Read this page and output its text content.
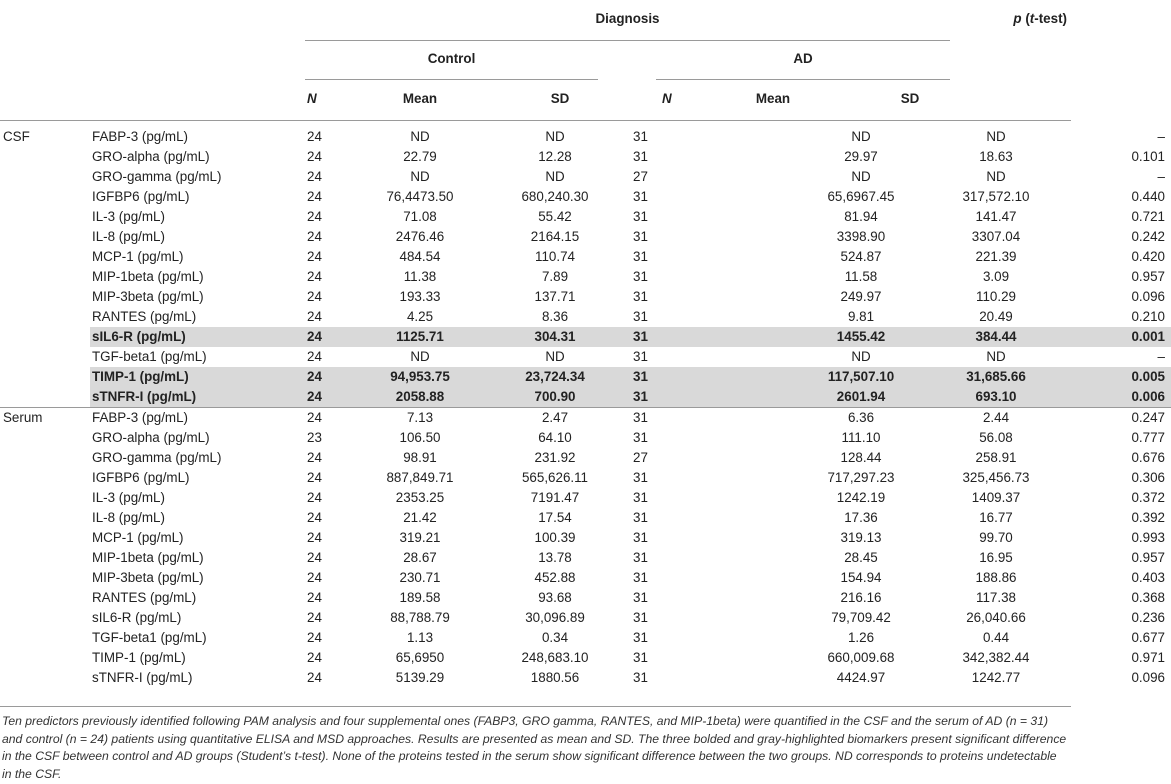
Diagnosis	p (t-test)
Control	AD
N	Mean	SD	N	Mean	SD
CSF	FABP-3 (pg/mL)	24	ND	ND	31	ND	ND	–
	GRO-alpha (pg/mL)	24	22.79	12.28	31	29.97	18.63	0.101
	GRO-gamma (pg/mL)	24	ND	ND	27	ND	ND	–
	IGFBP6 (pg/mL)	24	76,4473.50	680,240.30	31	65,6967.45	317,572.10	0.440
	IL-3 (pg/mL)	24	71.08	55.42	31	81.94	141.47	0.721
	IL-8 (pg/mL)	24	2476.46	2164.15	31	3398.90	3307.04	0.242
	MCP-1 (pg/mL)	24	484.54	110.74	31	524.87	221.39	0.420
	MIP-1beta (pg/mL)	24	11.38	7.89	31	11.58	3.09	0.957
	MIP-3beta (pg/mL)	24	193.33	137.71	31	249.97	110.29	0.096
	RANTES (pg/mL)	24	4.25	8.36	31	9.81	20.49	0.210
	sIL6-R (pg/mL)	24	1125.71	304.31	31	1455.42	384.44	0.001
	TGF-beta1 (pg/mL)	24	ND	ND	31	ND	ND	–
	TIMP-1 (pg/mL)	24	94,953.75	23,724.34	31	117,507.10	31,685.66	0.005
	sTNFR-I (pg/mL)	24	2058.88	700.90	31	2601.94	693.10	0.006
Serum	FABP-3 (pg/mL)	24	7.13	2.47	31	6.36	2.44	0.247
	GRO-alpha (pg/mL)	23	106.50	64.10	31	111.10	56.08	0.777
	GRO-gamma (pg/mL)	24	98.91	231.92	27	128.44	258.91	0.676
	IGFBP6 (pg/mL)	24	887,849.71	565,626.11	31	717,297.23	325,456.73	0.306
	IL-3 (pg/mL)	24	2353.25	7191.47	31	1242.19	1409.37	0.372
	IL-8 (pg/mL)	24	21.42	17.54	31	17.36	16.77	0.392
	MCP-1 (pg/mL)	24	319.21	100.39	31	319.13	99.70	0.993
	MIP-1beta (pg/mL)	24	28.67	13.78	31	28.45	16.95	0.957
	MIP-3beta (pg/mL)	24	230.71	452.88	31	154.94	188.86	0.403
	RANTES (pg/mL)	24	189.58	93.68	31	216.16	117.38	0.368
	sIL6-R (pg/mL)	24	88,788.79	30,096.89	31	79,709.42	26,040.66	0.236
	TGF-beta1 (pg/mL)	24	1.13	0.34	31	1.26	0.44	0.677
	TIMP-1 (pg/mL)	24	65,6950	248,683.10	31	660,009.68	342,382.44	0.971
	sTNFR-I (pg/mL)	24	5139.29	1880.56	31	4424.97	1242.77	0.096
Ten predictors previously identified following PAM analysis and four supplemental ones (FABP3, GRO gamma, RANTES, and MIP-1beta) were quantified in the CSF and the serum of AD (n = 31) and control (n = 24) patients using quantitative ELISA and MSD approaches. Results are presented as mean and SD. The three bolded and gray-highlighted biomarkers present significant difference in the CSF between control and AD groups (Student’s t-test). None of the proteins tested in the serum show significant difference between the two groups. ND corresponds to proteins undetectable in the CSF.
